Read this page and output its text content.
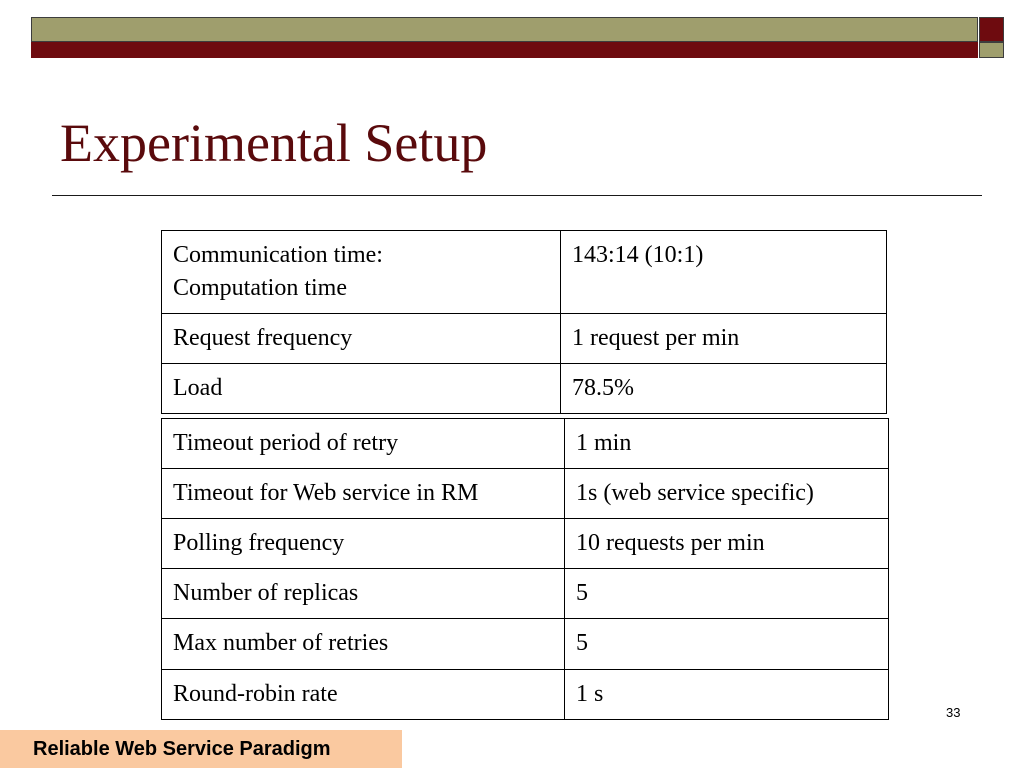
Experimental Setup
Communication time:
Computation time	143:14 (10:1)
Request frequency	1 request per min
Load	78.5%
Timeout period of retry	1 min
Timeout for Web service in RM	1s (web service specific)
Polling frequency	10 requests per min
Number of replicas	5
Max number of retries	5
Round-robin rate	1 s
33
Reliable Web Service Paradigm
